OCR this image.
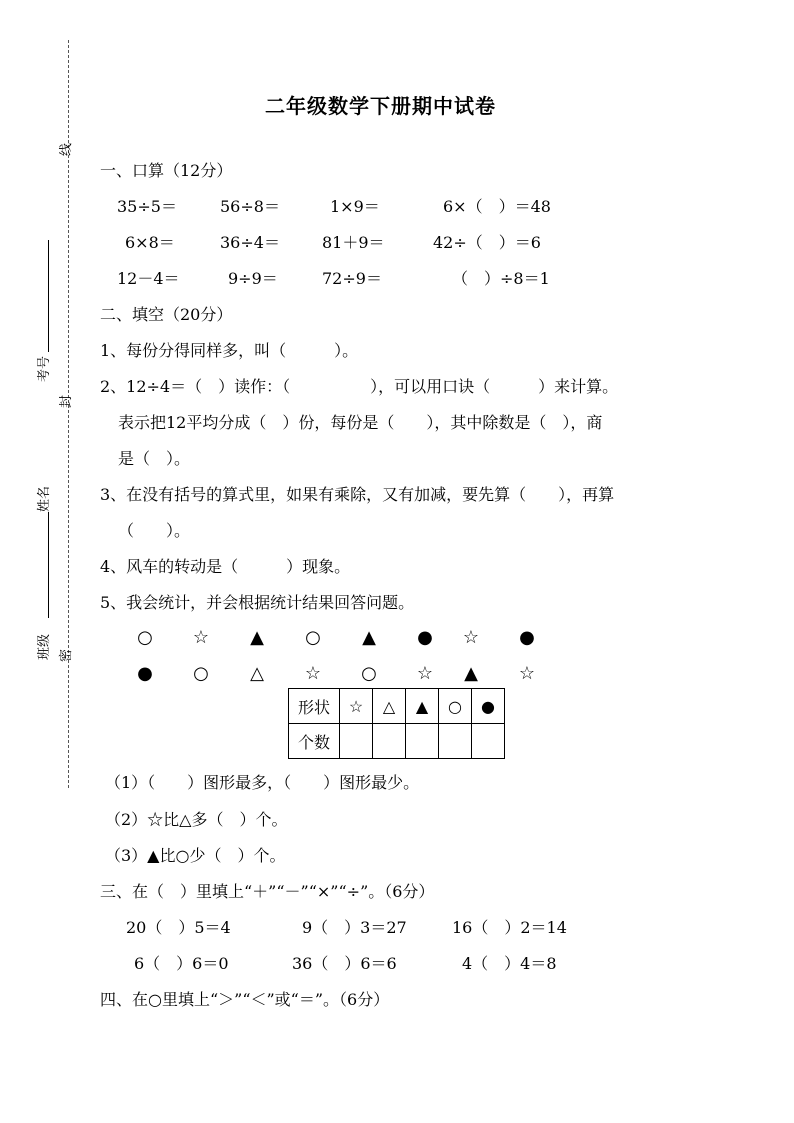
线
考号
封
姓名
班级 密
二年级数学下册期中试卷
一、口算（12分）
35÷5＝	56÷8＝	1×9＝	6×（　）＝48
6×8＝	36÷4＝	81＋9＝	42÷（　）＝6
12－4＝	9÷9＝	72÷9＝	（　）÷8＝1
二、填空（20分）
1、每份分得同样多，叫（　　　）。
2、12÷4＝（　）读作：（　　　　　），可以用口诀（　　　）来计算。
表示把12平均分成（　）份，每份是（　　），其中除数是（　），商
是（　）。
3、在没有括号的算式里，如果有乘除，又有加减，要先算（　　），再算
（　　）。
4、风车的转动是（　　　）现象。
5、我会统计，并会根据统计结果回答问题。
○ ☆ ▲ ○ ▲ ● ☆ ●
● ○ △ ☆ ○ ☆ ▲ ☆
形状	☆	△	▲	○	●
个数					
（1）（　　）图形最多，（　　）图形最少。
（2）☆比△多（　）个。
（3）▲比○少（　）个。
三、在（　）里填上“＋”“－”“×”“÷”。（6分）
20（　）5＝4	9（　）3＝27	16（　）2＝14
6（　）6＝0	36（　）6＝6	4（　）4＝8
四、在○里填上“＞”“＜”或“＝”。（6分）
